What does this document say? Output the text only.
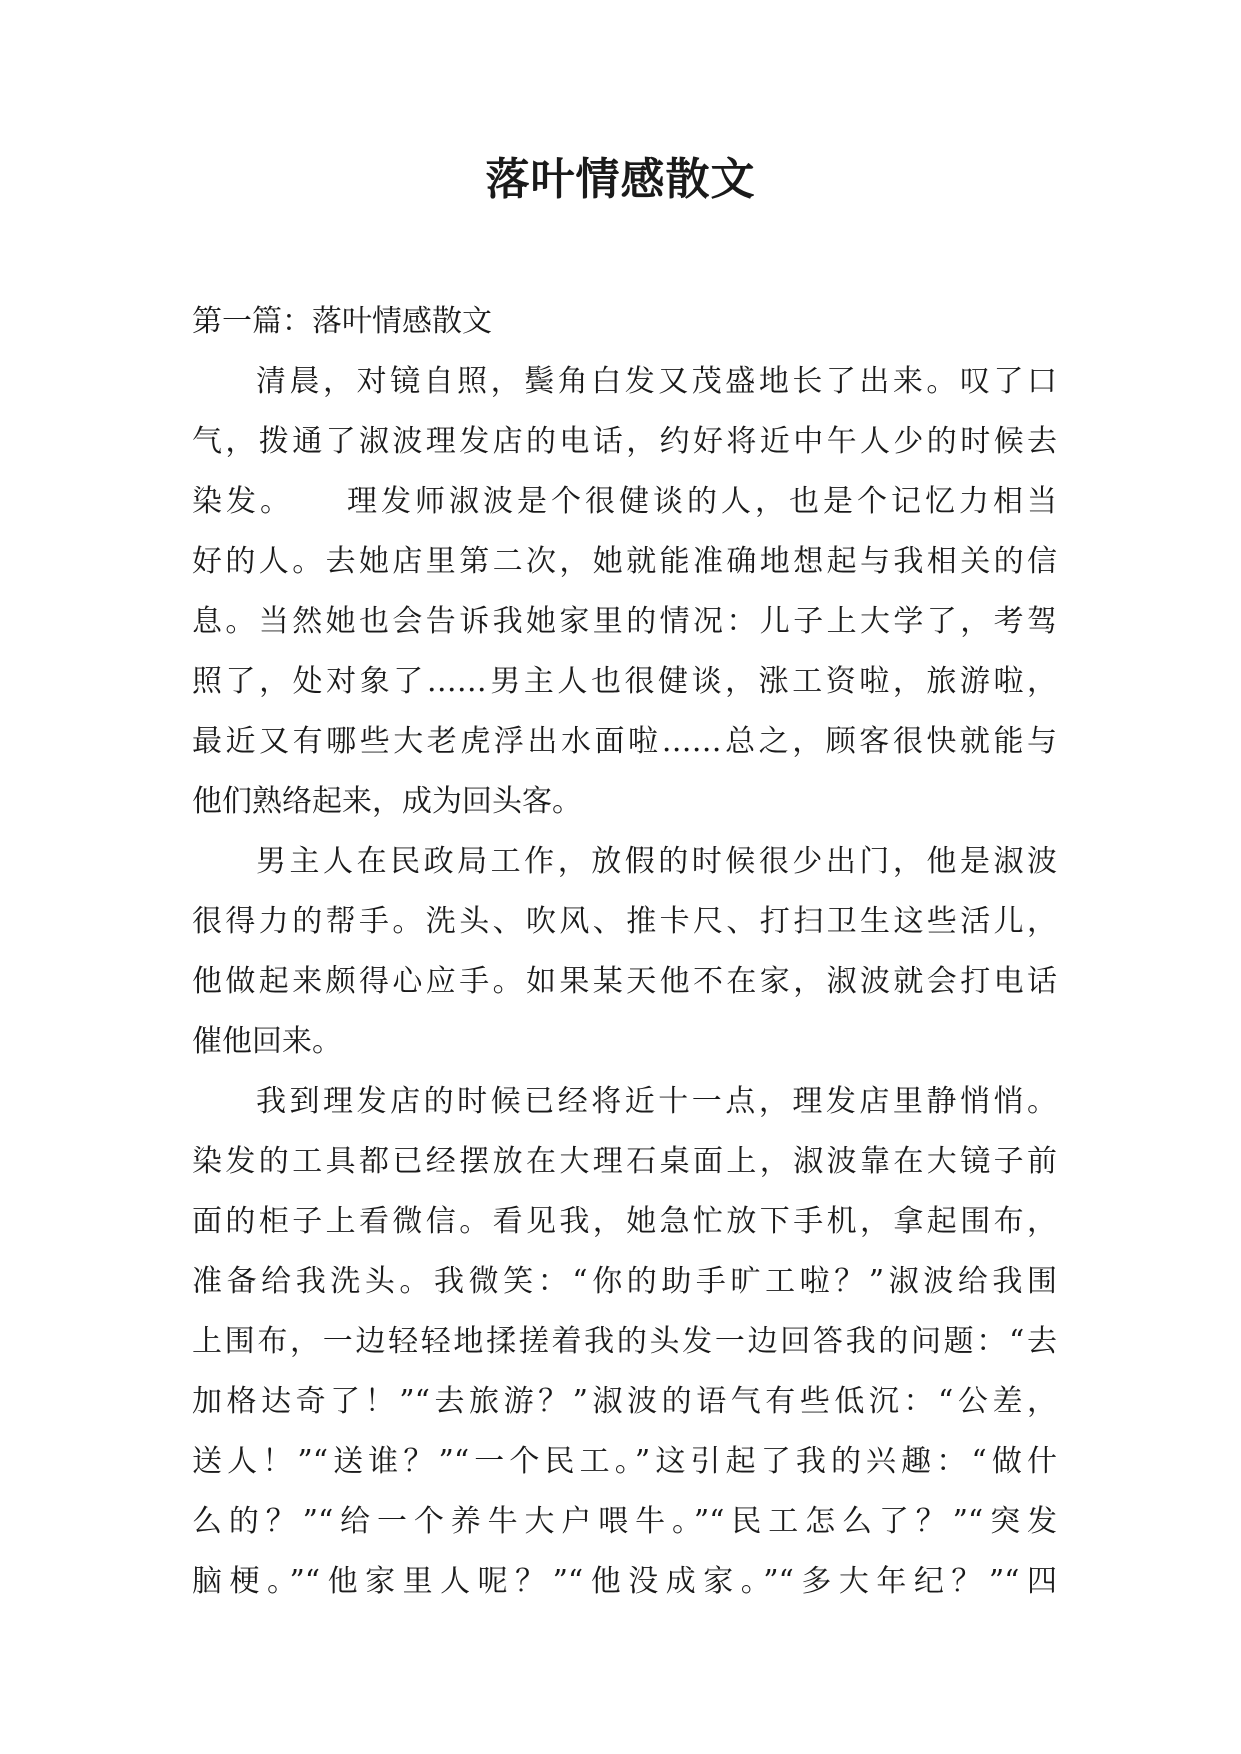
落叶情感散文
第一篇：落叶情感散文
清晨，对镜自照，鬓角白发又茂盛地长了出来。叹了口
气，拨通了淑波理发店的电话，约好将近中午人少的时候去
染发。　　理发师淑波是个很健谈的人，也是个记忆力相当
好的人。去她店里第二次，她就能准确地想起与我相关的信
息。当然她也会告诉我她家里的情况：儿子上大学了，考驾
照了，处对象了……男主人也很健谈，涨工资啦，旅游啦，
最近又有哪些大老虎浮出水面啦……总之，顾客很快就能与
他们熟络起来，成为回头客。
男主人在民政局工作，放假的时候很少出门，他是淑波
很得力的帮手。洗头、吹风、推卡尺、打扫卫生这些活儿，
他做起来颇得心应手。如果某天他不在家，淑波就会打电话
催他回来。
我到理发店的时候已经将近十一点，理发店里静悄悄。
染发的工具都已经摆放在大理石桌面上，淑波靠在大镜子前
面的柜子上看微信。看见我，她急忙放下手机，拿起围布，
准备给我洗头。我微笑：“你的助手旷工啦？”淑波给我围
上围布，一边轻轻地揉搓着我的头发一边回答我的问题：“去
加格达奇了！”“去旅游？”淑波的语气有些低沉：“公差，
送人！”“送谁？”“一个民工。”这引起了我的兴趣：“做什
么的？”“给一个养牛大户喂牛。”“民工怎么了？”“突发
脑梗。”“他家里人呢？”“他没成家。”“多大年纪？”“四
